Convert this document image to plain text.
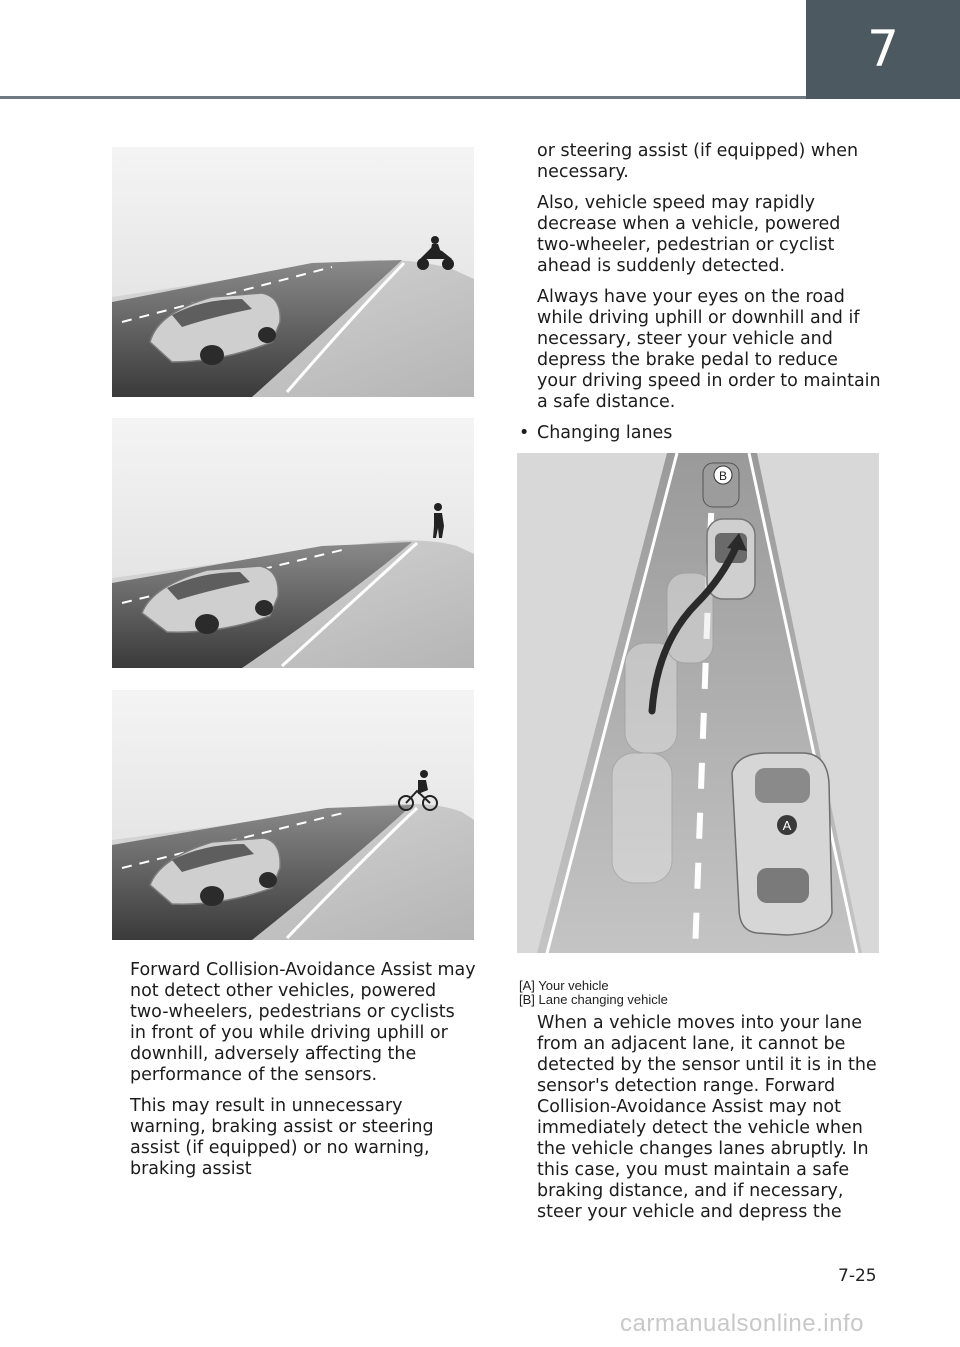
7

Forward Collision-Avoidance Assist may not detect other vehicles, powered two-wheelers, pedestrians or cyclists in front of you while driving uphill or downhill, adversely affecting the performance of the sensors.

This may result in unnecessary warning, braking assist or steering assist (if equipped) or no warning, braking assist

or steering assist (if equipped) when necessary.

Also, vehicle speed may rapidly decrease when a vehicle, powered two-wheeler, pedestrian or cyclist ahead is suddenly detected.

Always have your eyes on the road while driving uphill or downhill and if necessary, steer your vehicle and depress the brake pedal to reduce your driving speed in order to maintain a safe distance.

• Changing lanes
B
A
[A] Your vehicle
[B] Lane changing vehicle

When a vehicle moves into your lane from an adjacent lane, it cannot be detected by the sensor until it is in the sensor's detection range. Forward Collision-Avoidance Assist may not immediately detect the vehicle when the vehicle changes lanes abruptly. In this case, you must maintain a safe braking distance, and if necessary, steer your vehicle and depress the

7-25
carmanualsonline.info
